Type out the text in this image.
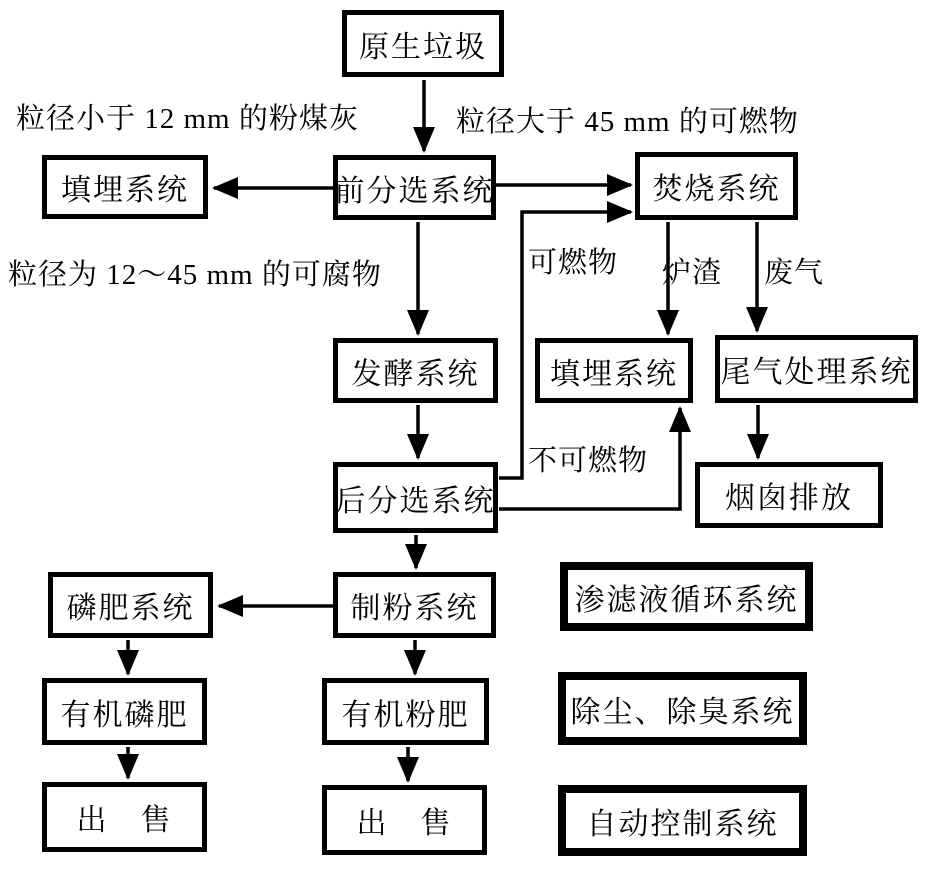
原生垃圾
填埋系统	前分选系统	焚烧系统
发酵系统	填埋系统	尾气处理系统
后分选系统	烟囱排放
磷肥系统	制粉系统	渗滤液循环系统
有机磷肥	有机粉肥	除尘、除臭系统
出　售	出　售	自动控制系统
粒径小于 12 mm 的粉煤灰	粒径大于 45 mm 的可燃物
粒径为 12～45 mm 的可腐物	可燃物 炉渣 废气
不可燃物
